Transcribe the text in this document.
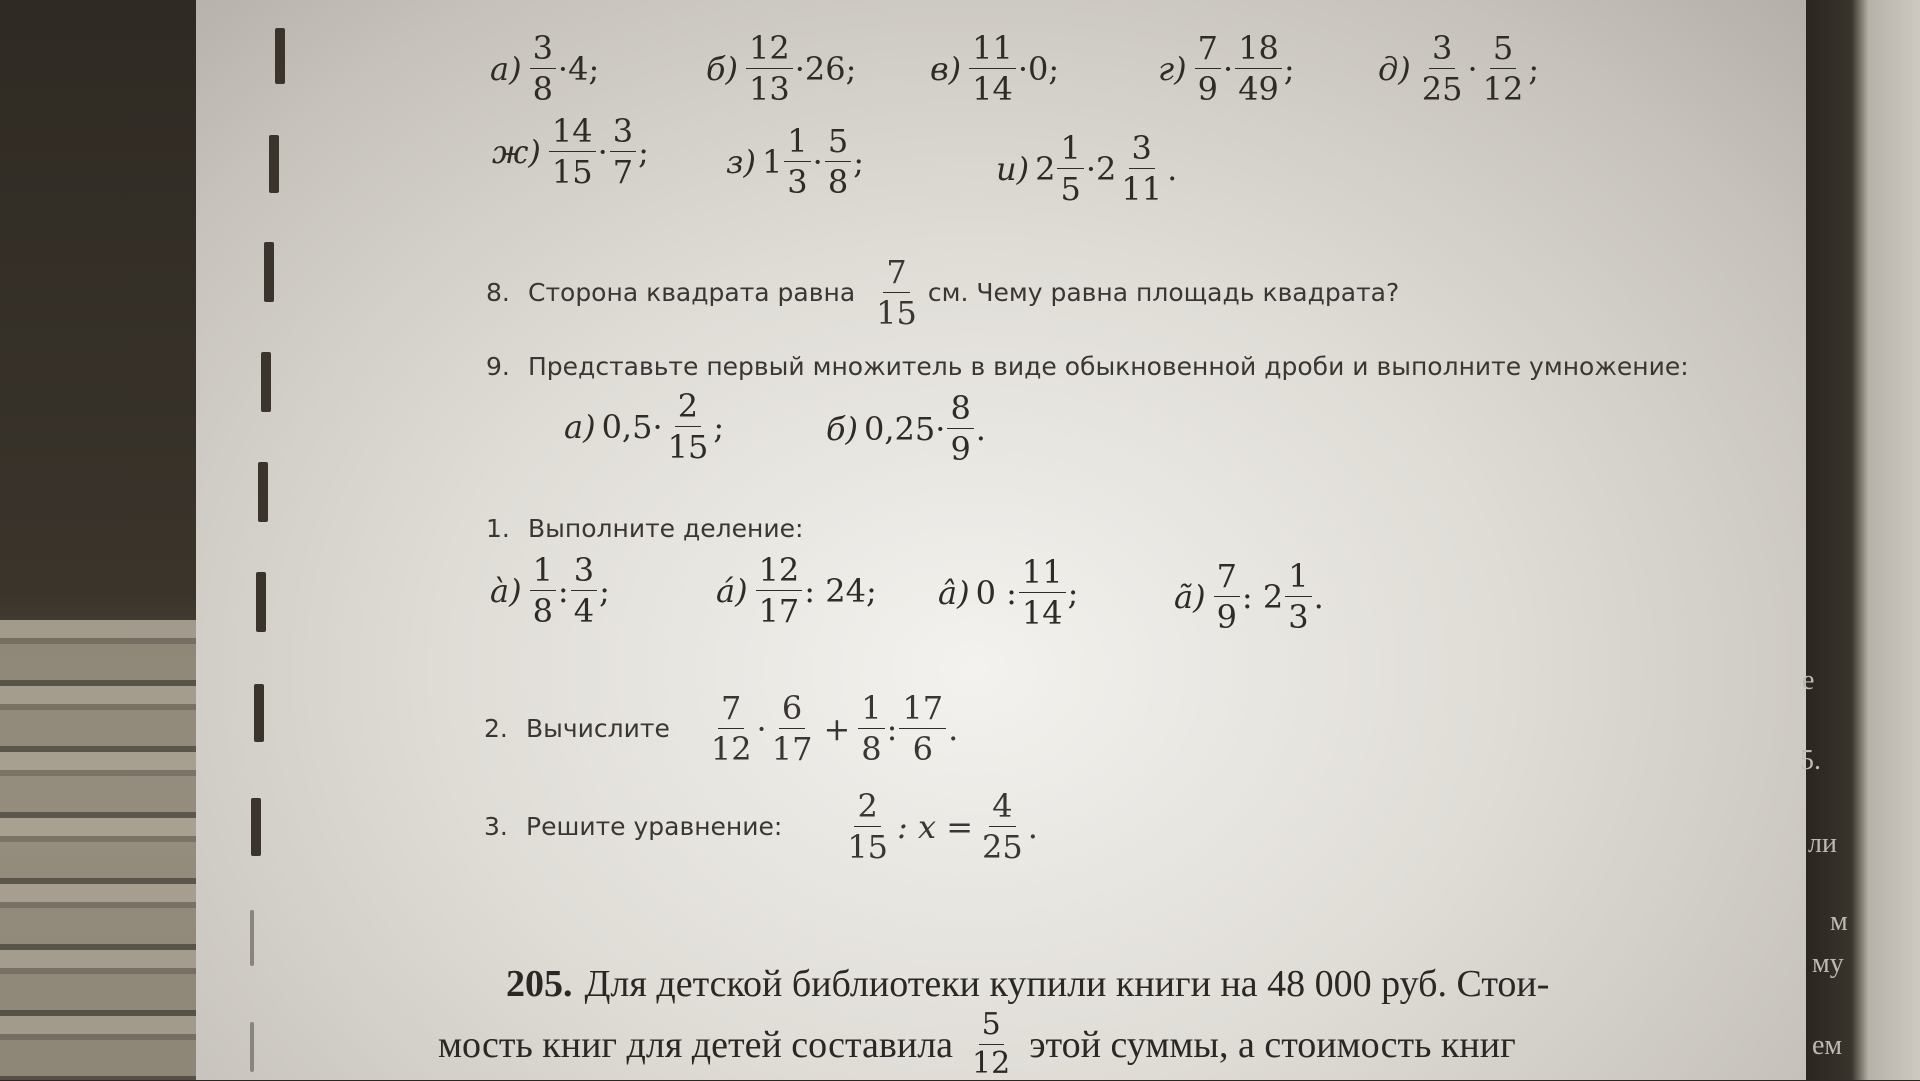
$а) \frac{3}{8} \cdot 4$;	$б) \frac{12}{13} \cdot 26$; $в) \frac{11}{14} \cdot 0$;	$г) \frac{7}{9} \cdot \frac{18}{49}$ ;	$д) \frac{3}{25} \cdot \frac{5}{12}$ ;
$ж) \frac{14}{15} \cdot \frac{3}{7}$ ; з) $1 \frac{1}{3} \cdot \frac{5}{8}$ ;	и) $2 \frac{1}{5} \cdot 2 \frac{3}{11}$ .
8. Сторона квадрата равна $\frac{7}{15}$ см. Чему равна площадь квадрата?
9. Представьте первый множитель в виде обыкновенной дроби и выполните умножение:
а) $0,5 \cdot \frac{2}{15}$ ;	б) $0,25 \cdot \frac{8}{9}$ .
1. Выполните деление:
à) $\frac{1}{8}$ : $\frac{3}{4}$ ;	á) $\frac{12}{17}$ : 24; â) 0 : $\frac{11}{14}$ ;	ã) $\frac{7}{9}$ : $2 \frac{1}{3}$ .
2. Вычислите $\frac{7}{12} \cdot \frac{6}{17} + \frac{1}{8}$ : $\frac{17}{6}$ .
3. Решите уравнение: $\frac{2}{15}$ : $x = \frac{4}{25}$ .
205. Для детской библиотеки купили книги на 48 000 руб. Стои-
мость книг для детей составила $\frac{5}{12}$ этой суммы, а стоимость книг
е
5.
ли
м
му
ем
